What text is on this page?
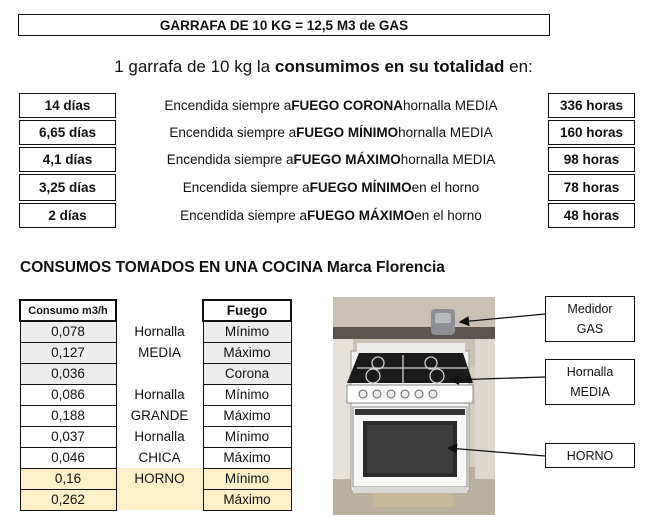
GARRAFA DE 10 KG = 12,5 M3 de GAS
1 garrafa de 10 kg la consumimos en su totalidad en:
14 días	Encendida siempre a FUEGO CORONA hornalla MEDIA	336 horas
6,65 días	Encendida siempre a FUEGO MÍNIMO hornalla MEDIA	160 horas
4,1 días	Encendida siempre a FUEGO MÁXIMO hornalla MEDIA	98 horas
3,25 días	Encendida siempre a FUEGO MÍNIMO en el horno	78 horas
2 días	Encendida siempre a FUEGO MÁXIMO en el horno	48 horas
CONSUMOS TOMADOS EN UNA COCINA Marca Florencia
Consumo m3/h		Fuego
0,078	Hornalla	Mínimo
0,127	MEDIA	Máximo
0,036		Corona
0,086	Hornalla	Mínimo
0,188	GRANDE	Máximo
0,037	Hornalla	Mínimo
0,046	CHICA	Máximo
0,16	HORNO	Mínimo
0,262		Máximo
Medidor
GAS
Hornalla
MEDIA
HORNO
